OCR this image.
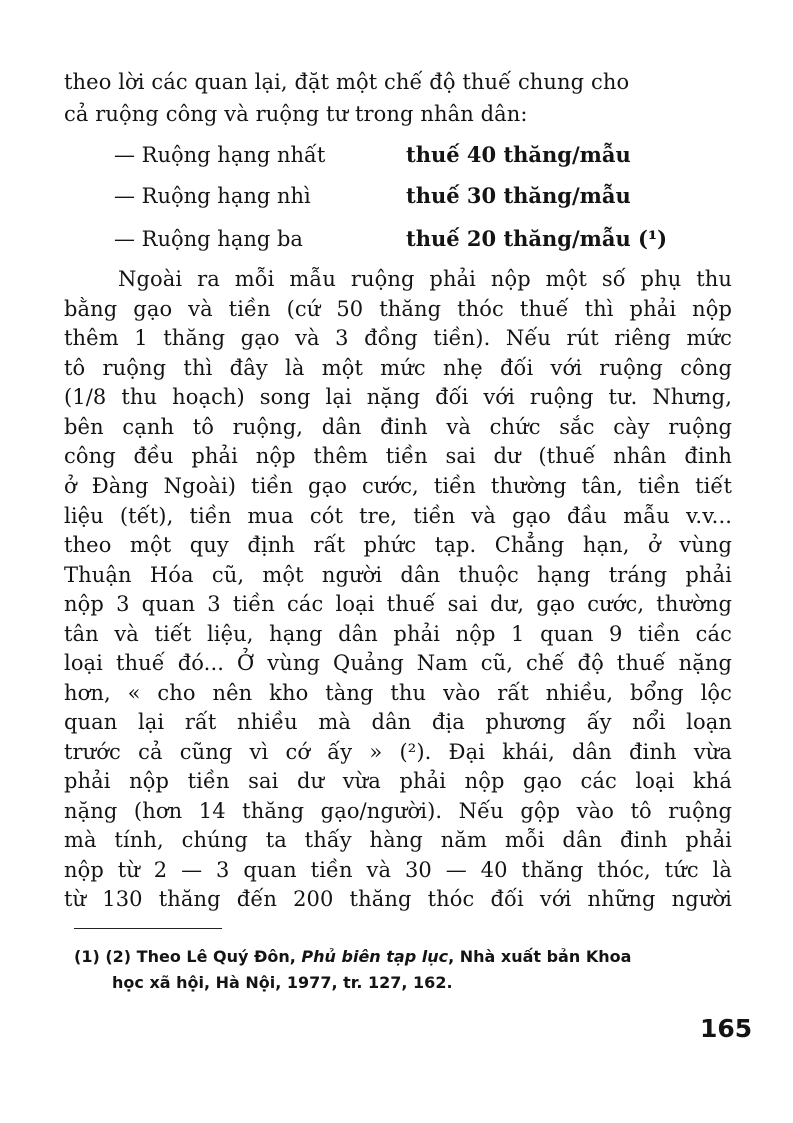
theo lời các quan lại, đặt một chế độ thuế chung cho

cả ruộng công và ruộng tư trong nhân dân:

— Ruộng hạng nhất	thuế 40 thăng/mẫu
— Ruộng hạng nhì	thuế 30 thăng/mẫu
— Ruộng hạng ba	thuế 20 thăng/mẫu (¹)

Ngoài ra mỗi mẫu ruộng phải nộp một số phụ thu

bằng gạo và tiền (cứ 50 thăng thóc thuế thì phải nộp

thêm 1 thăng gạo và 3 đồng tiền). Nếu rút riêng mức

tô ruộng thì đây là một mức nhẹ đối với ruộng công

(1/8 thu hoạch) song lại nặng đối với ruộng tư. Nhưng,

bên cạnh tô ruộng, dân đinh và chức sắc cày ruộng

công đều phải nộp thêm tiền sai dư (thuế nhân đinh

ở Đàng Ngoài) tiền gạo cước, tiền thường tân, tiền tiết

liệu (tết), tiền mua cót tre, tiền và gạo đầu mẫu v.v...

theo một quy định rất phức tạp. Chẳng hạn, ở vùng

Thuận Hóa cũ, một người dân thuộc hạng tráng phải

nộp 3 quan 3 tiền các loại thuế sai dư, gạo cước, thường

tân và tiết liệu, hạng dân phải nộp 1 quan 9 tiền các

loại thuế đó... Ở vùng Quảng Nam cũ, chế độ thuế nặng

hơn, « cho nên kho tàng thu vào rất nhiều, bổng lộc

quan lại rất nhiều mà dân địa phương ấy nổi loạn

trước cả cũng vì cớ ấy » (²). Đại khái, dân đinh vừa

phải nộp tiền sai dư vừa phải nộp gạo các loại khá

nặng (hơn 14 thăng gạo/người). Nếu gộp vào tô ruộng

mà tính, chúng ta thấy hàng năm mỗi dân đinh phải

nộp từ 2 — 3 quan tiền và 30 — 40 thăng thóc, tức là

từ 130 thăng đến 200 thăng thóc đối với những người

(1) (2) Theo Lê Quý Đôn, Phủ biên tạp lục, Nhà xuất bản Khoa
học xã hội, Hà Nội, 1977, tr. 127, 162.
165
